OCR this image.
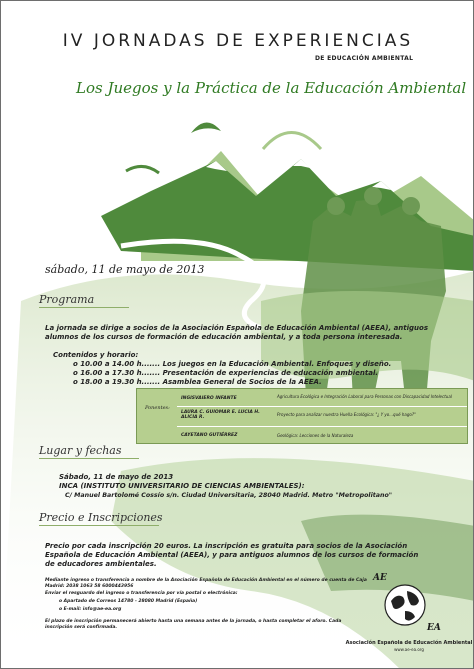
IV JORNADAS DE EXPERIENCIAS
DE EDUCACIÓN AMBIENTAL
Los Juegos y la Práctica de la Educación Ambiental
sábado, 11 de mayo de 2013
Programa
La jornada se dirige a socios de la Asociación Española de Educación Ambiental (AEEA), antiguos alumnos de los cursos de formación de educación ambiental, y a toda persona interesada.
Contenidos y horario:
o 10.00 a 14.00 h....... Los juegos en la Educación Ambiental. Enfoques y diseño.
o 16.00 a 17.30 h....... Presentación de experiencias de educación ambiental.
o 18.00 a 19.30 h....... Asamblea General de Socios de la AEEA.
Ponentes:
INGISVAIERO INFANTE	Agricultura Ecológica e Integración Laboral para Personas con Discapacidad Intelectual
LAURA C. GUIOMAR E. LUCIA H. ALICIA R.
Proyecto para analizar nuestra Huella Ecológica: "¿ Y yo...qué hago?"
CAYETANO GUTIÉRREZ	Geológica: Lecciones de la Naturaleza
Lugar y fechas
Sábado, 11 de mayo de 2013
INCA (INSTITUTO UNIVERSITARIO DE CIENCIAS AMBIENTALES):
C/ Manuel Bartolomé Cossío s/n. Ciudad Universitaria, 28040 Madrid. Metro "Metropolitano"
Precio e Inscripciones
Precio por cada inscripción 20 euros. La inscripción es gratuita para socios de la Asociación Española de Educación Ambiental (AEEA), y para antiguos alumnos de los cursos de formación de educadores ambientales.
Mediante ingreso o transferencia a nombre de la Asociación Española de Educación Ambiental en el número de cuenta de Caja Madrid: 2038 1063 58 6000443956
Enviar el resguardo del ingreso o transferencia por vía postal o electrónica:
o Apartado de Correos 14780 - 28080 Madrid (España)
o E-mail: info@ae-ea.org
El plazo de inscripción permanecerá abierto hasta una semana antes de la jornada, o hasta completar el aforo. Cada inscripción será confirmada.
AE
EA
Asociación Española de Educación Ambiental
www.ae-ea.org
